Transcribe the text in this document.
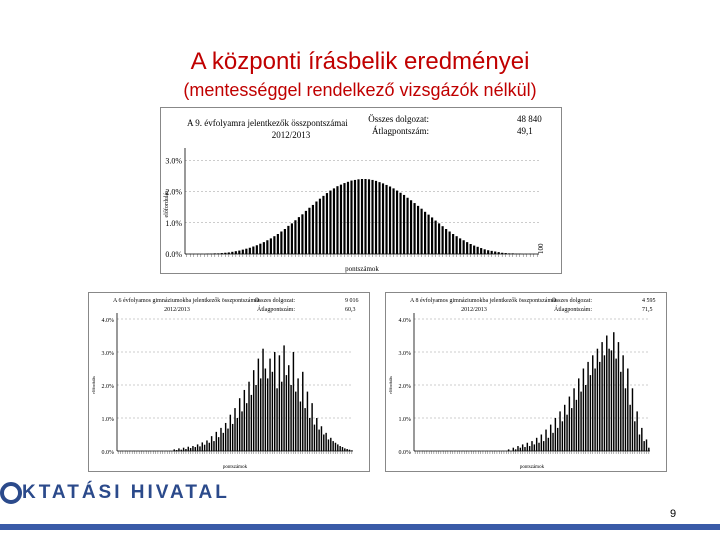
A központi írásbelik eredményei
(mentességgel rendelkező vizsgázók nélkül)
0.0%
1.0%
2.0%
3.0%
100
A 9. évfolyamra jelentkezők összpontszámai
2012/2013
Összes dolgozat:	48 840
Átlagpontszám:	49,1
pontszámok
előfordulás
0.0%
1.0%
2.0%
3.0%
4.0%
A 6 évfolyamos gimnáziumokba jelentkezők összpontszámai
2012/2013
Összes dolgozat:	9 016
Átlagpontszám:	60,3
pontszámok
előfordulás
0.0%
1.0%
2.0%
3.0%
4.0%
A 8 évfolyamos gimnáziumokba jelentkezők összpontszámai
2012/2013
Összes dolgozat:	4 595
Átlagpontszám:	71,5
pontszámok
előfordulás
KTATÁSI HIVATAL
9
